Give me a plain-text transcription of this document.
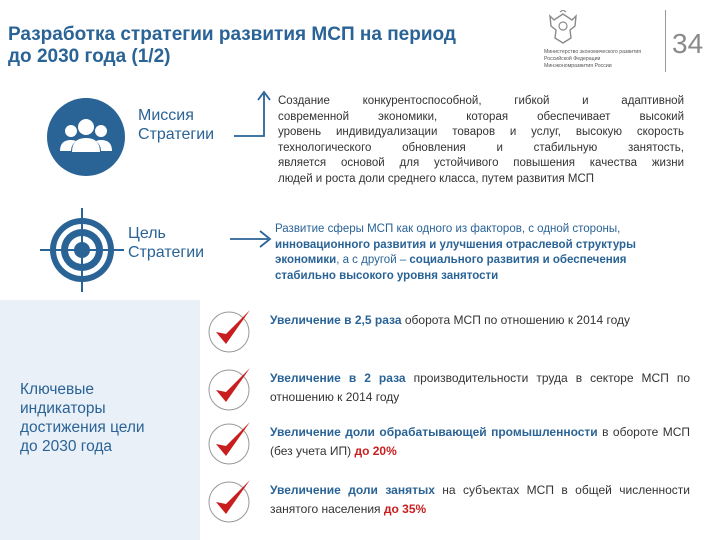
Разработка стратегии развития МСП на период
до 2030 года (1/2)	Министерство экономического развития
Российской Федерации
Минэкономразвития России
34
Миссия
Стратегии
Создание конкурентоспособной, гибкой и адаптивной
современной экономики, которая обеспечивает высокий
уровень индивидуализации товаров и услуг, высокую скорость
технологического обновления и стабильную занятость,
является основой для устойчивого повышения качества жизни
людей и роста доли среднего класса, путем развития МСП
Цель
Стратегии
Развитие сферы МСП как одного из факторов, с одной стороны, инновационного развития и улучшения отраслевой структуры экономики, а с другой – социального развития и обеспечения стабильно высокого уровня занятости
Ключевые
индикаторы
достижения цели
до 2030 года
Увеличение в 2,5 раза оборота МСП по отношению к 2014 году
Увеличение в 2 раза производительности труда в секторе МСП по отношению к 2014 году
Увеличение доли обрабатывающей промышленности в обороте МСП (без учета ИП) до 20%
Увеличение доли занятых на субъектах МСП в общей численности занятого населения до 35%
